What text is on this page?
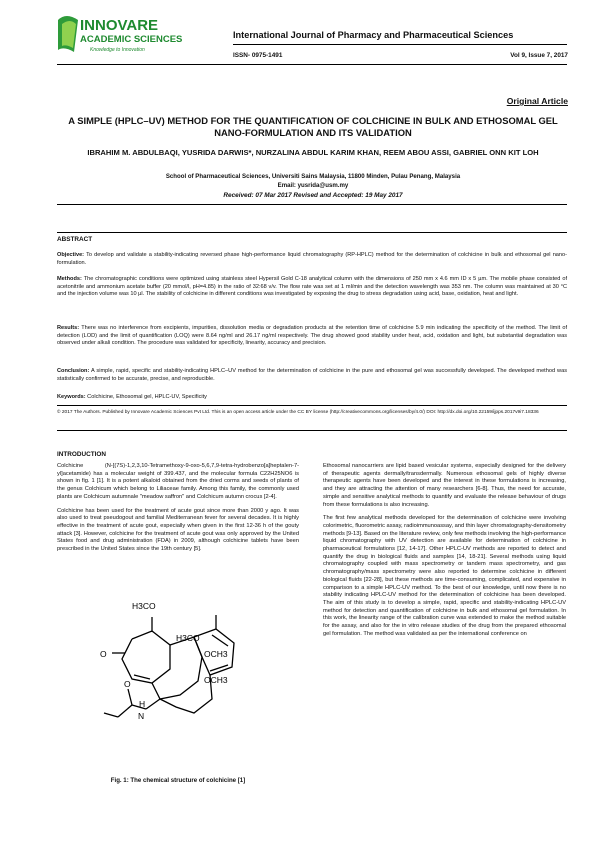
INNOVARE
ACADEMIC SCIENCES
Knowledge to Innovation
International Journal of Pharmacy and Pharmaceutical Sciences
ISSN- 0975-1491	Vol 9, Issue 7, 2017
Original Article
A SIMPLE (HPLC–UV) METHOD FOR THE QUANTIFICATION OF COLCHICINE IN BULK AND ETHOSOMAL GEL NANO-FORMULATION AND ITS VALIDATION
IBRAHIM M. ABDULBAQI, YUSRIDA DARWIS*, NURZALINA ABDUL KARIM KHAN, REEM ABOU ASSI, GABRIEL ONN KIT LOH
School of Pharmaceutical Sciences, Universiti Sains Malaysia, 11800 Minden, Pulau Penang, Malaysia
Email: yusrida@usm.my
Received: 07 Mar 2017 Revised and Accepted: 19 May 2017
ABSTRACT
Objective: To develop and validate a stability-indicating reversed phase high-performance liquid chromatography (RP-HPLC) method for the determination of colchicine in bulk and ethosomal gel nano-formulation.
Methods: The chromatographic conditions were optimized using stainless steel Hypersil Gold C-18 analytical column with the dimensions of 250 mm x 4.6 mm ID x 5 µm. The mobile phase consisted of acetonitrile and ammonium acetate buffer (20 mmol/l, pH=4.85) in the ratio of 32:68 v/v. The flow rate was set at 1 ml/min and the detection wavelength was 353 nm. The column was maintained at 30 °C and the injection volume was 10 µl. The stability of colchicine in different conditions was investigated by exposing the drug to stress degradation using acid, base, oxidation, heat and light.
Results: There was no interference from excipients, impurities, dissolution media or degradation products at the retention time of colchicine 5.9 min indicating the specificity of the method. The limit of detection (LOD) and the limit of quantification (LOQ) were 8.64 ng/ml and 26.17 ng/ml respectively. The drug showed good stability under heat, acid, oxidation and light, but substantial degradation was observed under alkali condition. The procedure was validated for specificity, linearity, accuracy and precision.
Conclusion: A simple, rapid, specific and stability-indicating HPLC–UV method for the determination of colchicine in the pure and ethosomal gel was successfully developed. The developed method was statistically confirmed to be accurate, precise, and reproducible.
Keywords: Colchicine, Ethosomal gel, HPLC-UV, Specificity
© 2017 The Authors. Published by Innovare Academic Sciences Pvt Ltd. This is an open access article under the CC BY license (http://creativecommons.org/licenses/by/4.0/) DOI: http://dx.doi.org/10.22159/ijpps.2017v9i7.18336
INTRODUCTION

Colchicine (N-[(7S)-1,2,3,10-Tetramethoxy-9-oxo-5,6,7,9-tetra-hydrobenzo[a]heptalen-7-yl]acetamide) has a molecular weight of 399.437, and the molecular formula C22H25NO6 is shown in fig. 1 [1]. It is a potent alkaloid obtained from the dried corms and seeds of plants of the genus Colchicum which belong to Liliaceae family. Among this family, the commonly used plants are Colchicum autumnale "meadow saffron" and Colchicum autumn crocus [2-4].

Colchicine has been used for the treatment of acute gout since more than 2000 y ago. It was also used to treat pseudogout and familial Mediterranean fever for several decades. It is highly effective in the treatment of acute gout, especially when given in the first 12-36 h of the gouty attack [3]. However, colchicine for the treatment of acute gout was only approved by the United States food and drug administration (FDA) in 2009, although colchicine tablets have been prescribed in the United States since the 19th century [5].

Ethosomal nanocarriers are lipid based vesicular systems, especially designed for the delivery of therapeutic agents dermally/transdermally. Numerous ethosomal gels of highly diverse therapeutic agents have been developed and the interest in these formulations is increasing, and they are attracting the attention of many researchers [6-8]. Thus, the need for accurate, simple and sensitive analytical methods to quantify and evaluate the release behaviour of drugs from these formulations is also increasing.

The first few analytical methods developed for the determination of colchicine were involving colorimetric, fluorometric assay, radioimmunoassay, and thin layer chromatography-densitometry methods [9-13]. Based on the literature review, only few methods involving the high-performance liquid chromatography with UV detection are available for determination of colchicine in pharmaceutical formulations [12, 14-17]. Other HPLC-UV methods are reported to detect and quantify the drug in biological fluids and samples [14, 18-21]. Several methods using liquid chromatography coupled with mass spectrometry or tandem mass spectrometry, and gas chromatography/mass spectrometry were also reported to determine colchicine in different biological fluids [22-28], but these methods are time-consuming, complicated, and expensive in comparison to a simple HPLC-UV method. To the best of our knowledge, until now there is no stability indicating HPLC-UV method for the determination of colchicine has been developed. The aim of this study is to develop a simple, rapid, specific and stability-indicating HPLC-UV method for detection and quantification of colchicine in bulk and ethosomal gel formulation. In this work, the linearity range of the calibration curve was extended to make the method suitable for the assay, and also for the in vitro release studies of the drug from the prepared ethosomal gel formulation. The method was validated as per the international conference on

H3CO
O
H3CO
OCH3
OCH3
O
H
N
Fig. 1: The chemical structure of colchicine [1]
